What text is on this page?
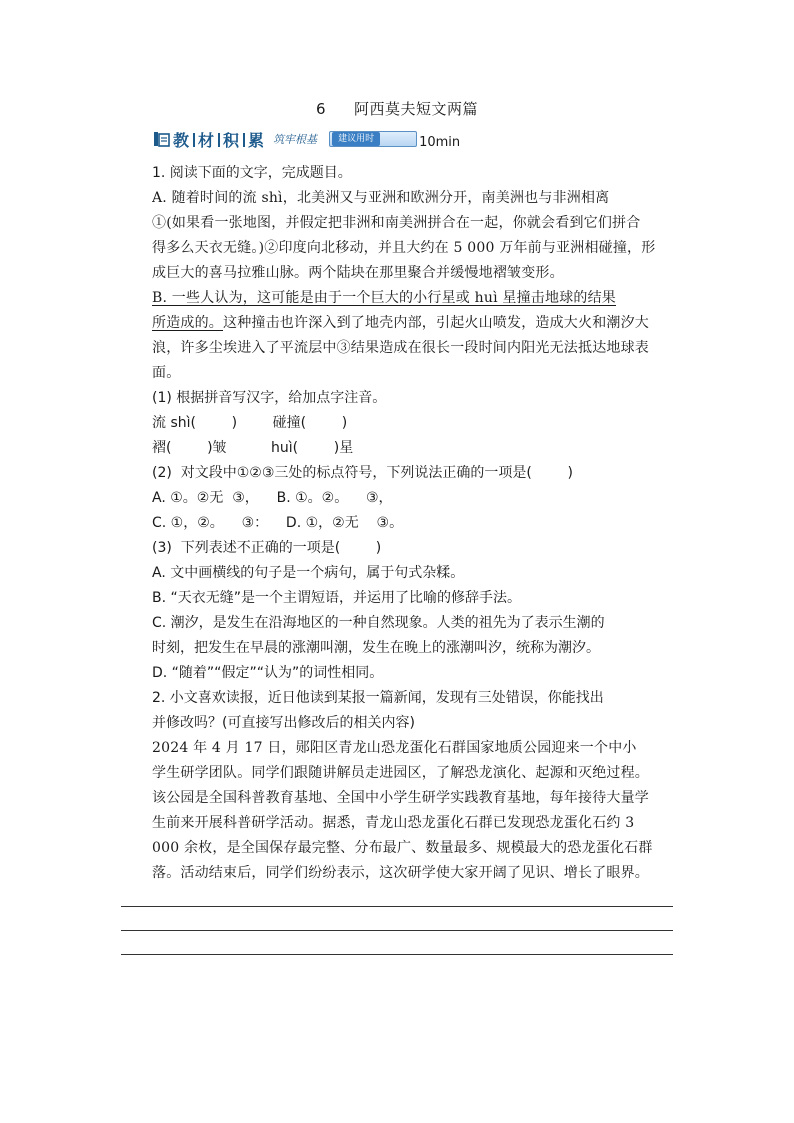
6 阿西莫夫短文两篇
教 材 积 累 筑牢根基	建议用时	10min
1. 阅读下面的文字，完成题目。
A. 随着时间的流 shì，北美洲又与亚洲和欧洲分开，南美洲也与非洲相离
①(如果看一张地图，并假定把非洲和南美洲拼合在一起，你就会看到它们拼合
得多么天衣无缝。)②印度向北移动，并且大约在 5 000 万年前与亚洲相碰撞，形
成巨大的喜马拉雅山脉。两个陆块在那里聚合并缓慢地褶皱变形。
B. 一些人认为，这可能是由于一个巨大的小行星或 huì 星撞击地球的结果
所造成的。这种撞击也许深入到了地壳内部，引起火山喷发，造成大火和潮汐大
浪，许多尘埃进入了平流层中③结果造成在很长一段时间内阳光无法抵达地球表
面。
(1) 根据拼音写汉字，给加点字注音。
流 shì(        )        碰撞(        )
褶(        )皱          huì(        )星
(2)  对文段中①②③三处的标点符号，下列说法正确的一项是(        )
A. ①。②无  ③，    B. ①。②。    ③，
C. ①，②。    ③：    D. ①，②无    ③。
(3)  下列表述不正确的一项是(        )
A. 文中画横线的句子是一个病句，属于句式杂糅。
B. “天衣无缝”是一个主谓短语，并运用了比喻的修辞手法。
C. 潮汐，是发生在沿海地区的一种自然现象。人类的祖先为了表示生潮的
时刻，把发生在早晨的涨潮叫潮，发生在晚上的涨潮叫汐，统称为潮汐。
D. “随着”“假定”“认为”的词性相同。
2. 小文喜欢读报，近日他读到某报一篇新闻，发现有三处错误，你能找出
并修改吗？(可直接写出修改后的相关内容)
2024 年 4 月 17 日，郧阳区青龙山恐龙蛋化石群国家地质公园迎来一个中小
学生研学团队。同学们跟随讲解员走进园区，了解恐龙演化、起源和灭绝过程。
该公园是全国科普教育基地、全国中小学生研学实践教育基地，每年接待大量学
生前来开展科普研学活动。据悉，青龙山恐龙蛋化石群已发现恐龙蛋化石约 3
000 余枚，是全国保存最完整、分布最广、数量最多、规模最大的恐龙蛋化石群
落。活动结束后，同学们纷纷表示，这次研学使大家开阔了见识、增长了眼界。
